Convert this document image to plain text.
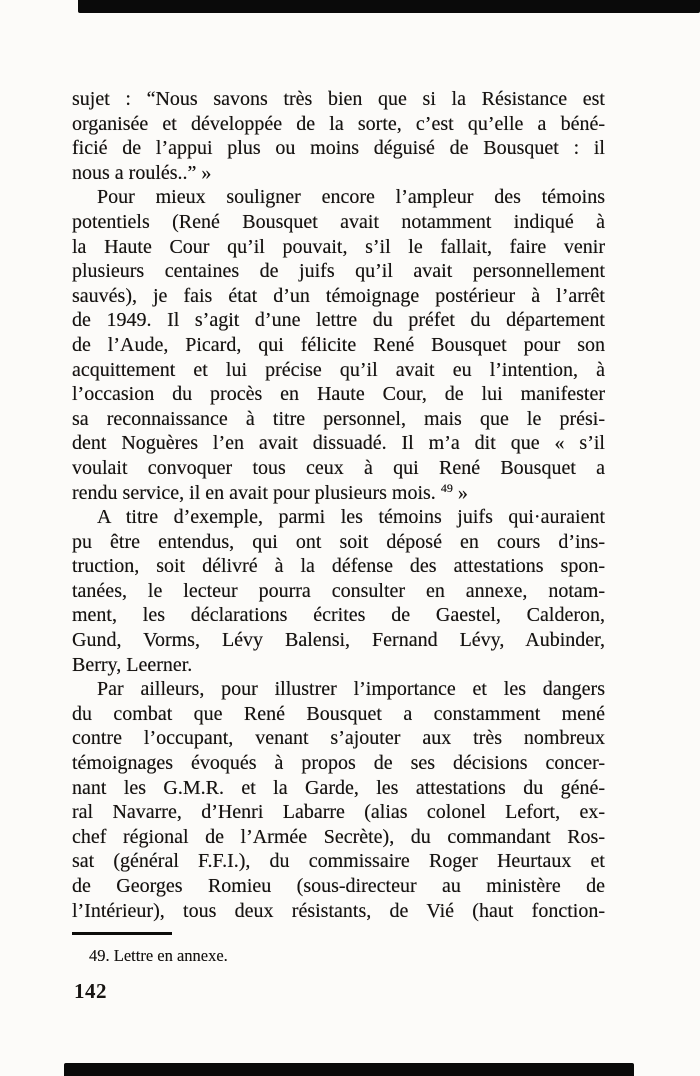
sujet : “Nous savons très bien que si la Résistance est
organisée et développée de la sorte, c’est qu’elle a béné-
ficié de l’appui plus ou moins déguisé de Bousquet : il
nous a roulés..” »
Pour mieux souligner encore l’ampleur des témoins
potentiels (René Bousquet avait notamment indiqué à
la Haute Cour qu’il pouvait, s’il le fallait, faire venir
plusieurs centaines de juifs qu’il avait personnellement
sauvés), je fais état d’un témoignage postérieur à l’arrêt
de 1949. Il s’agit d’une lettre du préfet du département
de l’Aude, Picard, qui félicite René Bousquet pour son
acquittement et lui précise qu’il avait eu l’intention, à
l’occasion du procès en Haute Cour, de lui manifester
sa reconnaissance à titre personnel, mais que le prési-
dent Noguères l’en avait dissuadé. Il m’a dit que « s’il
voulait convoquer tous ceux à qui René Bousquet a
rendu service, il en avait pour plusieurs mois. $^{49}$ »
A titre d’exemple, parmi les témoins juifs qui·auraient
pu être entendus, qui ont soit déposé en cours d’ins-
truction, soit délivré à la défense des attestations spon-
tanées, le lecteur pourra consulter en annexe, notam-
ment, les déclarations écrites de Gaestel, Calderon,
Gund, Vorms, Lévy Balensi, Fernand Lévy, Aubinder,
Berry, Leerner.
Par ailleurs, pour illustrer l’importance et les dangers
du combat que René Bousquet a constamment mené
contre l’occupant, venant s’ajouter aux très nombreux
témoignages évoqués à propos de ses décisions concer-
nant les G.M.R. et la Garde, les attestations du géné-
ral Navarre, d’Henri Labarre (alias colonel Lefort, ex-
chef régional de l’Armée Secrète), du commandant Ros-
sat (général F.F.I.), du commissaire Roger Heurtaux et
de Georges Romieu (sous-directeur au ministère de
l’Intérieur), tous deux résistants, de Vié (haut fonction-
49. Lettre en annexe.
142
